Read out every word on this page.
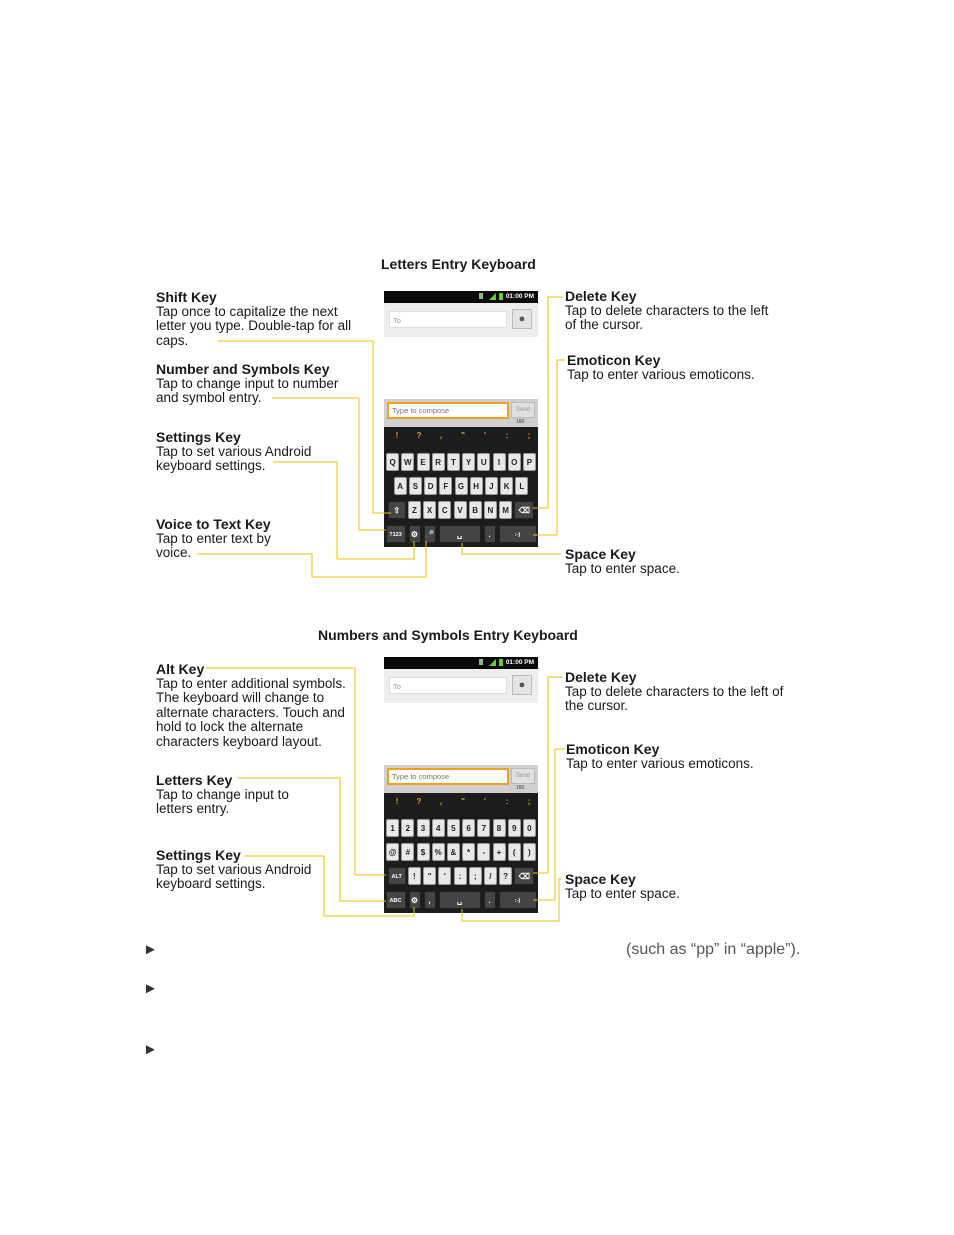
Letters Entry Keyboard
Shift Key
Tap once to capitalize the next letter you type. Double-tap for all caps.
Number and Symbols Key
Tap to change input to number and symbol entry.
Settings Key
Tap to set various Android keyboard settings.
Voice to Text Key
Tap to enter text by voice.
Delete Key
Tap to delete characters to the left of the cursor.
Emoticon Key
Tap to enter various emoticons.
Space Key
Tap to enter space.
01:00 PM
To	●
Type to compose	Send
160
!	?	,	"	'	:	;
Q	W	E	R	T	Y	U	I	O	P
A	S	D	F	G	H	J	K	L
⇧	Z	X	C	V	B	N	M	⌫
?123	⚙ 🎤	␣	.	:-)
Numbers and Symbols Entry Keyboard
Alt Key
Tap to enter additional symbols. The keyboard will change to alternate characters. Touch and hold to lock the alternate characters keyboard layout.
Letters Key
Tap to change input to letters entry.
Settings Key
Tap to set various Android keyboard settings.
Delete Key
Tap to delete characters to the left of the cursor.
Emoticon Key
Tap to enter various emoticons.
Space Key
Tap to enter space.
01:00 PM
To	●
Type to compose	Send
160
!	?	,	"	'	:	;
1	2	3	4	5	6	7	8	9	0
@	#	$	%	&	*	-	+	(	)
ALT	!	"	'	:	;	/	?	⌫
ABC	⚙	,	␣	.	:-)
►	(such as “pp” in “apple”).
►
►
